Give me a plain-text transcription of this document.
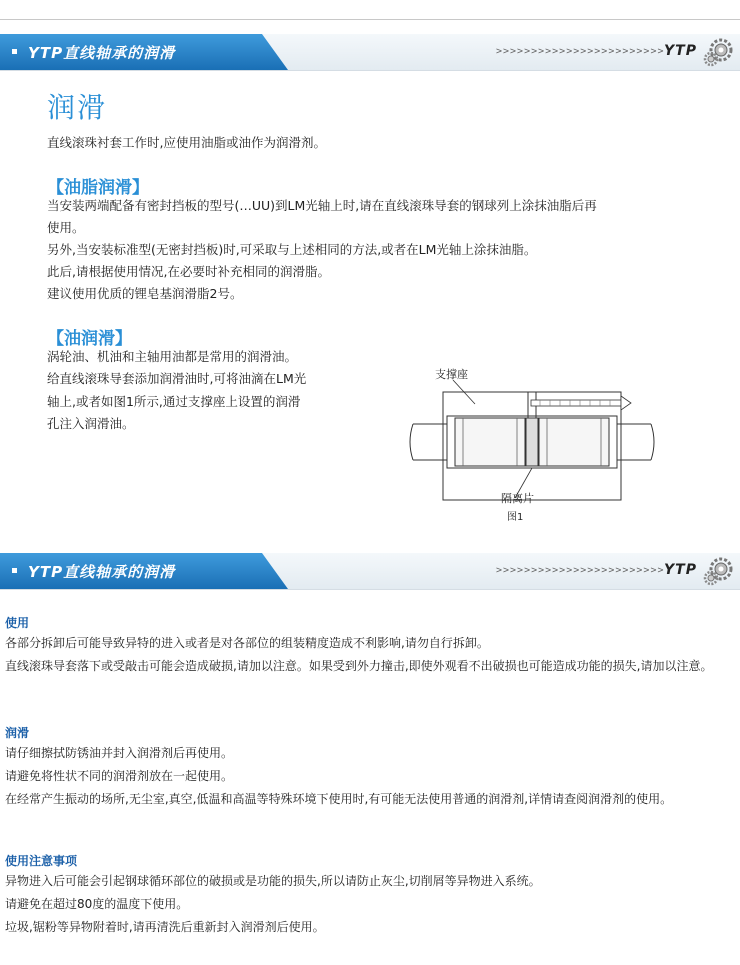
YTP直线轴承的润滑	>>>>>>>>>>>>>>>>>>>>>>>> YTP
润滑
直线滚珠衬套工作时,应使用油脂或油作为润滑剂。
【油脂润滑】
当安装两端配备有密封挡板的型号(…UU)到LM光轴上时,请在直线滚珠导套的钢球列上涂抹油脂后再
使用。
另外,当安装标准型(无密封挡板)时,可采取与上述相同的方法,或者在LM光轴上涂抹油脂。
此后,请根据使用情况,在必要时补充相同的润滑脂。
建议使用优质的锂皂基润滑脂2号。
【油润滑】
涡轮油、机油和主轴用油都是常用的润滑油。
给直线滚珠导套添加润滑油时,可将油滴在LM光
轴上,或者如图1所示,通过支撑座上设置的润滑
孔注入润滑油。
支撑座
隔离片
图1
YTP直线轴承的润滑	>>>>>>>>>>>>>>>>>>>>>>>> YTP
使用
各部分拆卸后可能导致异特的进入或者是对各部位的组装精度造成不利影响,请勿自行拆卸。
直线滚珠导套落下或受敲击可能会造成破损,请加以注意。如果受到外力撞击,即使外观看不出破损也可能造成功能的损失,请加以注意。
润滑
请仔细擦拭防锈油并封入润滑剂后再使用。
请避免将性状不同的润滑剂放在一起使用。
在经常产生振动的场所,无尘室,真空,低温和高温等特殊环境下使用时,有可能无法使用普通的润滑剂,详情请查阅润滑剂的使用。
使用注意事项
异物进入后可能会引起钢球循环部位的破损或是功能的损失,所以请防止灰尘,切削屑等异物进入系统。
请避免在超过80度的温度下使用。
垃圾,锯粉等异物附着时,请再清洗后重新封入润滑剂后使用。
